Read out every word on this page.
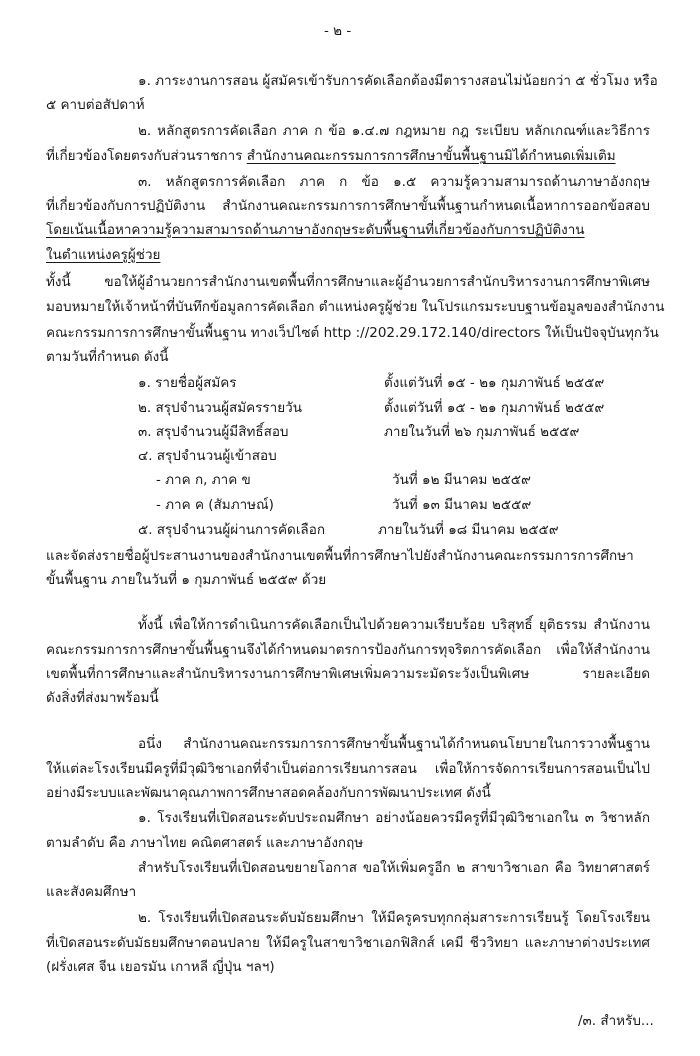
- ๒ -
๑. ภาระงานการสอน ผู้สมัครเข้ารับการคัดเลือกต้องมีตารางสอนไม่น้อยกว่า ๕ ชั่วโมง หรือ
๕ คาบต่อสัปดาห์
๒. หลักสูตรการคัดเลือก ภาค ก ข้อ ๑.๔.๗ กฎหมาย กฎ ระเบียบ หลักเกณฑ์และวิธีการ
ที่เกี่ยวข้องโดยตรงกับส่วนราชการ สำนักงานคณะกรรมการการศึกษาขั้นพื้นฐานมิได้กำหนดเพิ่มเติม
๓. หลักสูตรการคัดเลือก ภาค ก ข้อ ๑.๕ ความรู้ความสามารถด้านภาษาอังกฤษ
ที่เกี่ยวข้องกับการปฏิบัติงาน สำนักงานคณะกรรมการการศึกษาขั้นพื้นฐานกำหนดเนื้อหาการออกข้อสอบ
โดยเน้นเนื้อหาความรู้ความสามารถด้านภาษาอังกฤษระดับพื้นฐานที่เกี่ยวข้องกับการปฏิบัติงาน
ในตำแหน่งครูผู้ช่วย
ทั้งนี้ ขอให้ผู้อำนวยการสำนักงานเขตพื้นที่การศึกษาและผู้อำนวยการสำนักบริหารงานการศึกษาพิเศษ
มอบหมายให้เจ้าหน้าที่บันทึกข้อมูลการคัดเลือก ตำแหน่งครูผู้ช่วย ในโปรแกรมระบบฐานข้อมูลของสำนักงาน
คณะกรรมการการศึกษาขั้นพื้นฐาน ทางเว็ปไซต์ http ://202.29.172.140/directors ให้เป็นปัจจุบันทุกวัน
ตามวันที่กำหนด ดังนี้
๑. รายชื่อผู้สมัคร	ตั้งแต่วันที่ ๑๕ - ๒๑ กุมภาพันธ์ ๒๕๕๙
๒. สรุปจำนวนผู้สมัครรายวัน	ตั้งแต่วันที่ ๑๕ - ๒๑ กุมภาพันธ์ ๒๕๕๙
๓. สรุปจำนวนผู้มีสิทธิ์สอบ	ภายในวันที่ ๒๖ กุมภาพันธ์ ๒๕๕๙
๔. สรุปจำนวนผู้เข้าสอบ
- ภาค ก, ภาค ข	วันที่ ๑๒ มีนาคม ๒๕๕๙
- ภาค ค (สัมภาษณ์)	วันที่ ๑๓ มีนาคม ๒๕๕๙
๕. สรุปจำนวนผู้ผ่านการคัดเลือก	ภายในวันที่ ๑๘ มีนาคม ๒๕๕๙
และจัดส่งรายชื่อผู้ประสานงานของสำนักงานเขตพื้นที่การศึกษาไปยังสำนักงานคณะกรรมการการศึกษา
ขั้นพื้นฐาน ภายในวันที่ ๑ กุมภาพันธ์ ๒๕๕๙ ด้วย
ทั้งนี้ เพื่อให้การดำเนินการคัดเลือกเป็นไปด้วยความเรียบร้อย บริสุทธิ์ ยุติธรรม สำนักงาน
คณะกรรมการการศึกษาขั้นพื้นฐานจึงได้กำหนดมาตรการป้องกันการทุจริตการคัดเลือก เพื่อให้สำนักงาน
เขตพื้นที่การศึกษาและสำนักบริหารงานการศึกษาพิเศษเพิ่มความระมัดระวังเป็นพิเศษ รายละเอียด
ดังสิ่งที่ส่งมาพร้อมนี้
อนึ่ง สำนักงานคณะกรรมการการศึกษาขั้นพื้นฐานได้กำหนดนโยบายในการวางพื้นฐาน
ให้แต่ละโรงเรียนมีครูที่มีวุฒิวิชาเอกที่จำเป็นต่อการเรียนการสอน เพื่อให้การจัดการเรียนการสอนเป็นไป
อย่างมีระบบและพัฒนาคุณภาพการศึกษาสอดคล้องกับการพัฒนาประเทศ ดังนี้
๑. โรงเรียนที่เปิดสอนระดับประถมศึกษา อย่างน้อยควรมีครูที่มีวุฒิวิชาเอกใน ๓ วิชาหลัก
ตามลำดับ คือ ภาษาไทย คณิตศาสตร์ และภาษาอังกฤษ
สำหรับโรงเรียนที่เปิดสอนขยายโอกาส ขอให้เพิ่มครูอีก ๒ สาขาวิชาเอก คือ วิทยาศาสตร์
และสังคมศึกษา
๒. โรงเรียนที่เปิดสอนระดับมัธยมศึกษา ให้มีครูครบทุกกลุ่มสาระการเรียนรู้ โดยโรงเรียน
ที่เปิดสอนระดับมัธยมศึกษาตอนปลาย ให้มีครูในสาขาวิชาเอกฟิสิกส์ เคมี ชีววิทยา และภาษาต่างประเทศ
(ฝรั่งเศส จีน เยอรมัน เกาหลี ญี่ปุ่น ฯลฯ)
/๓. สำหรับ...
